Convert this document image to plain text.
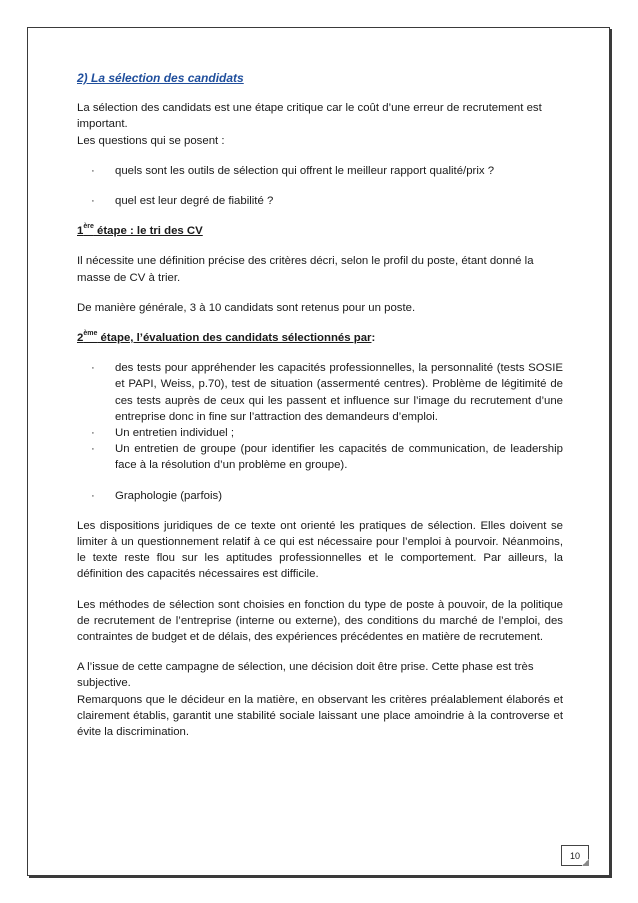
2) La sélection des candidats

La sélection des candidats est une étape critique car le coût d’une erreur de recrutement est important.

Les questions qui se posent :

· quels sont les outils de sélection qui offrent le meilleur rapport qualité/prix ?
· quel est leur degré de fiabilité ?

1ère étape : le tri des CV

Il nécessite une définition précise des critères décri, selon le profil du poste, étant donné la masse de CV à trier.

De manière générale, 3 à 10 candidats sont retenus pour un poste.

2ème étape, l’évaluation des candidats sélectionnés par:

· des tests pour appréhender les capacités professionnelles, la personnalité (tests SOSIE et PAPI, Weiss, p.70), test de situation (assermenté centres). Problème de légitimité de ces tests auprès de ceux qui les passent et influence sur l’image du recrutement d’une entreprise donc in fine sur l’attraction des demandeurs d’emploi.
· Un entretien individuel ;
· Un entretien de groupe (pour identifier les capacités de communication, de leadership face à la résolution d’un problème en groupe).
· Graphologie (parfois)

Les dispositions juridiques de ce texte ont orienté les pratiques de sélection. Elles doivent se limiter à un questionnement relatif à ce qui est nécessaire pour l’emploi à pourvoir. Néanmoins, le texte reste flou sur les aptitudes professionnelles et le comportement. Par ailleurs, la définition des capacités nécessaires est difficile.

Les méthodes de sélection sont choisies en fonction du type de poste à pouvoir, de la politique de recrutement de l’entreprise (interne ou externe), des conditions du marché de l’emploi, des contraintes de budget et de délais, des expériences précédentes en matière de recrutement.

A l’issue de cette campagne de sélection, une décision doit être prise. Cette phase est très subjective.

Remarquons que le décideur en la matière, en observant les critères préalablement élaborés et clairement établis, garantit une stabilité sociale laissant une place amoindrie à la controverse et évite la discrimination.

10
